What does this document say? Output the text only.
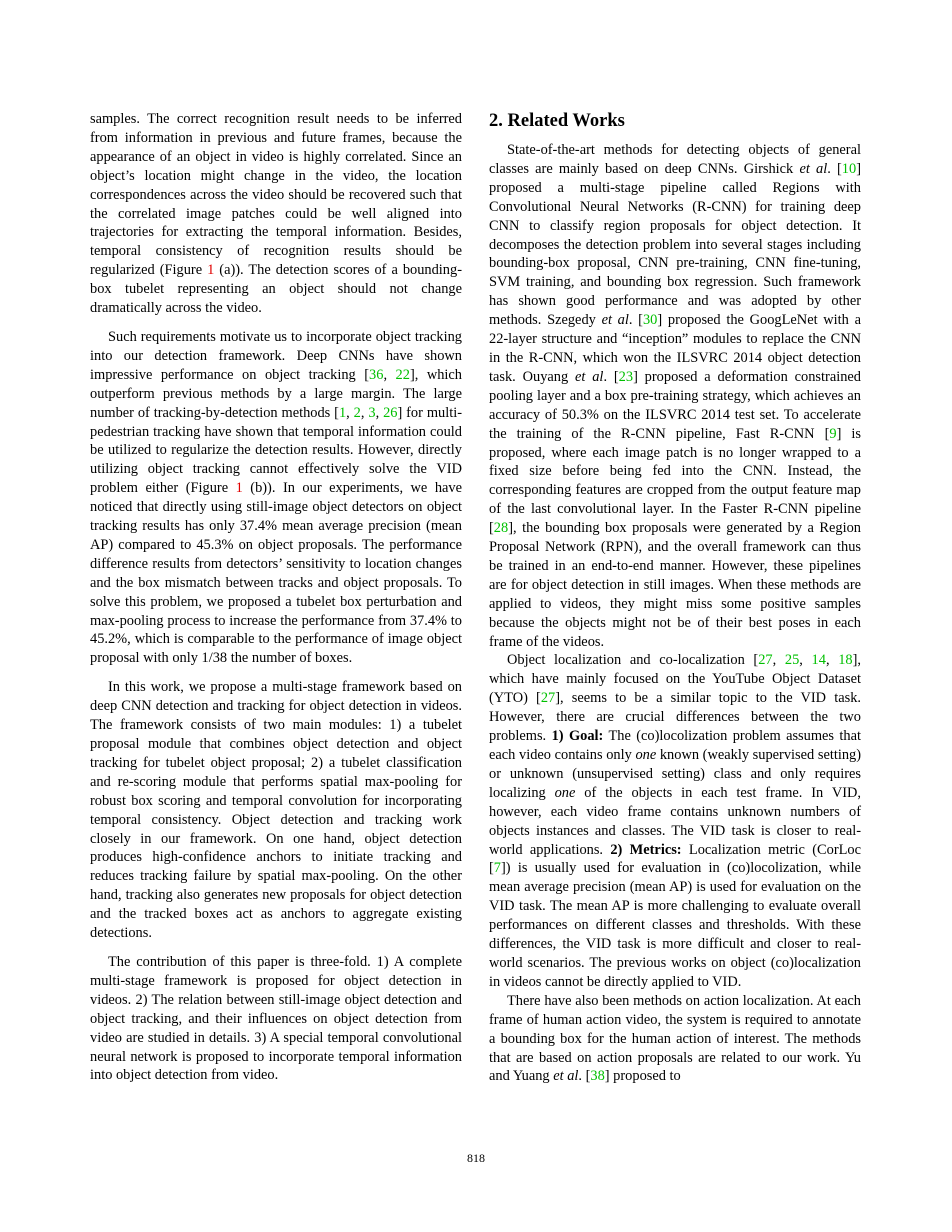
samples. The correct recognition result needs to be inferred from information in previous and future frames, because the appearance of an object in video is highly correlated. Since an object’s location might change in the video, the location correspondences across the video should be recovered such that the correlated image patches could be well aligned into trajectories for extracting the temporal information. Besides, temporal consistency of recognition results should be regularized (Figure 1 (a)). The detection scores of a bounding-box tubelet representing an object should not change dramatically across the video.

Such requirements motivate us to incorporate object tracking into our detection framework. Deep CNNs have shown impressive performance on object tracking [36, 22], which outperform previous methods by a large margin. The large number of tracking-by-detection methods [1, 2, 3, 26] for multi-pedestrian tracking have shown that temporal information could be utilized to regularize the detection results. However, directly utilizing object tracking cannot effectively solve the VID problem either (Figure 1 (b)). In our experiments, we have noticed that directly using still-image object detectors on object tracking results has only 37.4% mean average precision (mean AP) compared to 45.3% on object proposals. The performance difference results from detectors’ sensitivity to location changes and the box mismatch between tracks and object proposals. To solve this problem, we proposed a tubelet box perturbation and max-pooling process to increase the performance from 37.4% to 45.2%, which is comparable to the performance of image object proposal with only 1/38 the number of boxes.

In this work, we propose a multi-stage framework based on deep CNN detection and tracking for object detection in videos. The framework consists of two main modules: 1) a tubelet proposal module that combines object detection and object tracking for tubelet object proposal; 2) a tubelet classification and re-scoring module that performs spatial max-pooling for robust box scoring and temporal convolution for incorporating temporal consistency. Object detection and tracking work closely in our framework. On one hand, object detection produces high-confidence anchors to initiate tracking and reduces tracking failure by spatial max-pooling. On the other hand, tracking also generates new proposals for object detection and the tracked boxes act as anchors to aggregate existing detections.

The contribution of this paper is three-fold. 1) A complete multi-stage framework is proposed for object detection in videos. 2) The relation between still-image object detection and object tracking, and their influences on object detection from video are studied in details. 3) A special temporal convolutional neural network is proposed to incorporate temporal information into object detection from video.

2. Related Works

State-of-the-art methods for detecting objects of general classes are mainly based on deep CNNs. Girshick et al. [10] proposed a multi-stage pipeline called Regions with Convolutional Neural Networks (R-CNN) for training deep CNN to classify region proposals for object detection. It decomposes the detection problem into several stages including bounding-box proposal, CNN pre-training, CNN fine-tuning, SVM training, and bounding box regression. Such framework has shown good performance and was adopted by other methods. Szegedy et al. [30] proposed the GoogLeNet with a 22-layer structure and “inception” modules to replace the CNN in the R-CNN, which won the ILSVRC 2014 object detection task. Ouyang et al. [23] proposed a deformation constrained pooling layer and a box pre-training strategy, which achieves an accuracy of 50.3% on the ILSVRC 2014 test set. To accelerate the training of the R-CNN pipeline, Fast R-CNN [9] is proposed, where each image patch is no longer wrapped to a fixed size before being fed into the CNN. Instead, the corresponding features are cropped from the output feature map of the last convolutional layer. In the Faster R-CNN pipeline [28], the bounding box proposals were generated by a Region Proposal Network (RPN), and the overall framework can thus be trained in an end-to-end manner. However, these pipelines are for object detection in still images. When these methods are applied to videos, they might miss some positive samples because the objects might not be of their best poses in each frame of the videos.

Object localization and co-localization [27, 25, 14, 18], which have mainly focused on the YouTube Object Dataset (YTO) [27], seems to be a similar topic to the VID task. However, there are crucial differences between the two problems. 1) Goal: The (co)locolization problem assumes that each video contains only one known (weakly supervised setting) or unknown (unsupervised setting) class and only requires localizing one of the objects in each test frame. In VID, however, each video frame contains unknown numbers of objects instances and classes. The VID task is closer to real-world applications. 2) Metrics: Localization metric (CorLoc [7]) is usually used for evaluation in (co)locolization, while mean average precision (mean AP) is used for evaluation on the VID task. The mean AP is more challenging to evaluate overall performances on different classes and thresholds. With these differences, the VID task is more difficult and closer to real-world scenarios. The previous works on object (co)localization in videos cannot be directly applied to VID.

There have also been methods on action localization. At each frame of human action video, the system is required to annotate a bounding box for the human action of interest. The methods that are based on action proposals are related to our work. Yu and Yuang et al. [38] proposed to

818
